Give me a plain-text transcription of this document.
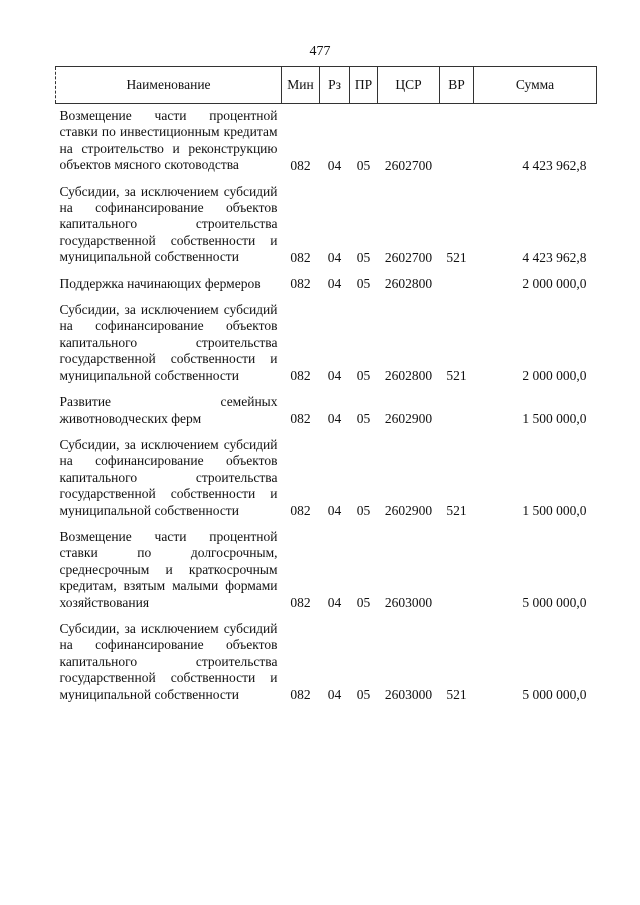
477
Наименование	Мин	Рз	ПР	ЦСР	ВР	Сумма
Возмещение части процентной ставки по инвестиционным кредитам на строительство и реконструкцию объектов мясного скотоводства	082	04	05	2602700		4 423 962,8
Субсидии, за исключением субсидий на софинансирование объектов капитального строительства государственной собственности и муниципальной собственности	082	04	05	2602700	521	4 423 962,8
Поддержка начинающих фермеров	082	04	05	2602800		2 000 000,0
Субсидии, за исключением субсидий на софинансирование объектов капитального строительства государственной собственности и муниципальной собственности	082	04	05	2602800	521	2 000 000,0
Развитие семейных животноводческих ферм	082	04	05	2602900		1 500 000,0
Субсидии, за исключением субсидий на софинансирование объектов капитального строительства государственной собственности и муниципальной собственности	082	04	05	2602900	521	1 500 000,0
Возмещение части процентной ставки по долгосрочным, среднесрочным и краткосрочным кредитам, взятым малыми формами хозяйствования	082	04	05	2603000		5 000 000,0
Субсидии, за исключением субсидий на софинансирование объектов капитального строительства государственной собственности и муниципальной собственности	082	04	05	2603000	521	5 000 000,0
